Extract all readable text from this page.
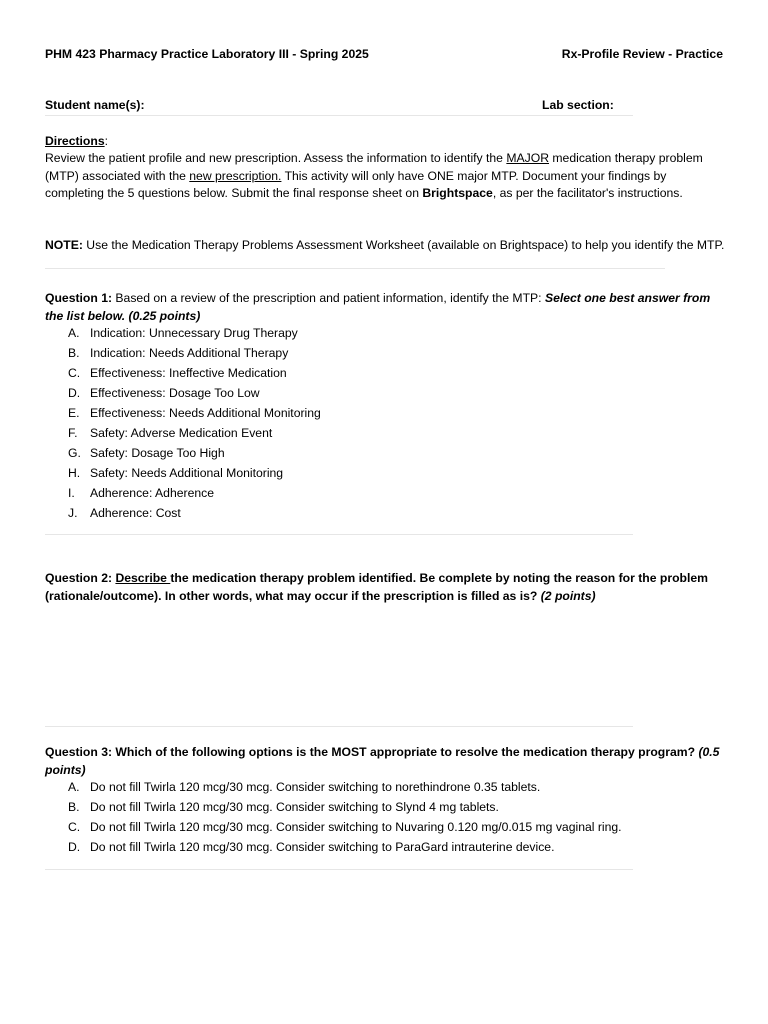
PHM 423 Pharmacy Practice Laboratory III - Spring 2025	Rx-Profile Review - Practice
Student name(s):	Lab section:
Directions:
Review the patient profile and new prescription. Assess the information to identify the MAJOR medication therapy problem (MTP) associated with the new prescription. This activity will only have ONE major MTP. Document your findings by completing the 5 questions below. Submit the final response sheet on Brightspace, as per the facilitator's instructions.
NOTE: Use the Medication Therapy Problems Assessment Worksheet (available on Brightspace) to help you identify the MTP.
Question 1: Based on a review of the prescription and patient information, identify the MTP: Select one best answer from the list below. (0.25 points)
A. Indication: Unnecessary Drug Therapy
B. Indication: Needs Additional Therapy
C. Effectiveness: Ineffective Medication
D. Effectiveness: Dosage Too Low
E. Effectiveness: Needs Additional Monitoring
F.	Safety: Adverse Medication Event
G. Safety: Dosage Too High
H. Safety: Needs Additional Monitoring
I.	Adherence: Adherence
J.	Adherence: Cost
Question 2: Describe the medication therapy problem identified. Be complete by noting the reason for the problem (rationale/outcome). In other words, what may occur if the prescription is filled as is? (2 points)
Question 3: Which of the following options is the MOST appropriate to resolve the medication therapy program? (0.5 points)
A. Do not fill Twirla 120 mcg/30 mcg. Consider switching to norethindrone 0.35 tablets.
B. Do not fill Twirla 120 mcg/30 mcg. Consider switching to Slynd 4 mg tablets.
C. Do not fill Twirla 120 mcg/30 mcg. Consider switching to Nuvaring 0.120 mg/0.015 mg vaginal ring.
D. Do not fill Twirla 120 mcg/30 mcg. Consider switching to ParaGard intrauterine device.
